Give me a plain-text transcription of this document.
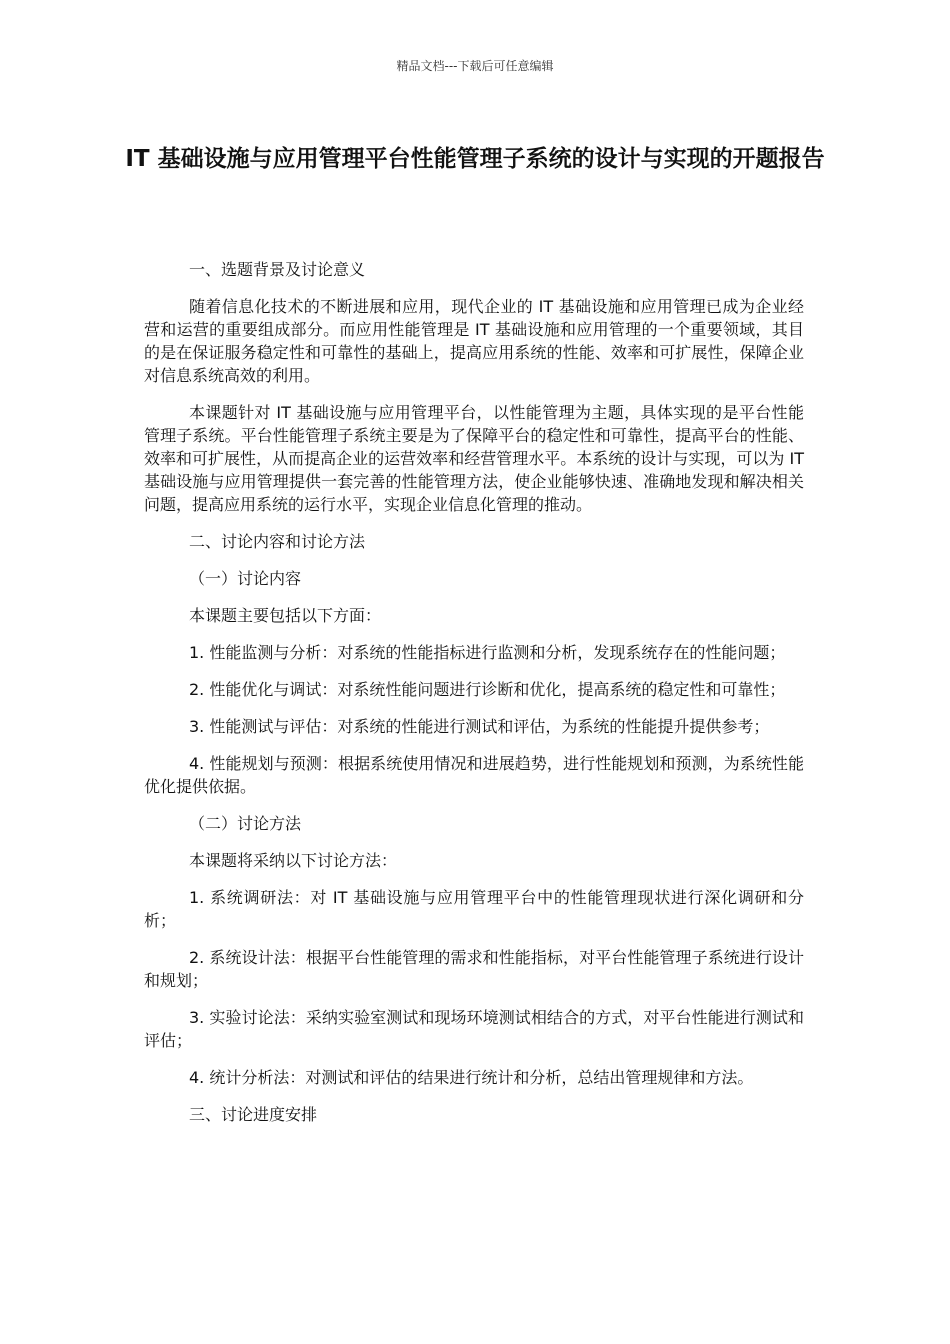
精品文档---下载后可任意编辑
IT 基础设施与应用管理平台性能管理子系统的设计与实现的开题报告

一、选题背景及讨论意义

随着信息化技术的不断进展和应用，现代企业的 IT 基础设施和应用管理已成为企业经营和运营的重要组成部分。而应用性能管理是 IT 基础设施和应用管理的一个重要领域，其目的是在保证服务稳定性和可靠性的基础上，提高应用系统的性能、效率和可扩展性，保障企业对信息系统高效的利用。

本课题针对 IT 基础设施与应用管理平台，以性能管理为主题，具体实现的是平台性能管理子系统。平台性能管理子系统主要是为了保障平台的稳定性和可靠性，提高平台的性能、效率和可扩展性，从而提高企业的运营效率和经营管理水平。本系统的设计与实现，可以为 IT 基础设施与应用管理提供一套完善的性能管理方法，使企业能够快速、准确地发现和解决相关问题，提高应用系统的运行水平，实现企业信息化管理的推动。

二、讨论内容和讨论方法

（一）讨论内容

本课题主要包括以下方面：

1. 性能监测与分析：对系统的性能指标进行监测和分析，发现系统存在的性能问题；

2. 性能优化与调试：对系统性能问题进行诊断和优化，提高系统的稳定性和可靠性；

3. 性能测试与评估：对系统的性能进行测试和评估，为系统的性能提升提供参考；

4. 性能规划与预测：根据系统使用情况和进展趋势，进行性能规划和预测，为系统性能优化提供依据。

（二）讨论方法

本课题将采纳以下讨论方法：

1. 系统调研法：对 IT 基础设施与应用管理平台中的性能管理现状进行深化调研和分析；

2. 系统设计法：根据平台性能管理的需求和性能指标，对平台性能管理子系统进行设计和规划；

3. 实验讨论法：采纳实验室测试和现场环境测试相结合的方式，对平台性能进行测试和评估；

4. 统计分析法：对测试和评估的结果进行统计和分析，总结出管理规律和方法。

三、讨论进度安排
